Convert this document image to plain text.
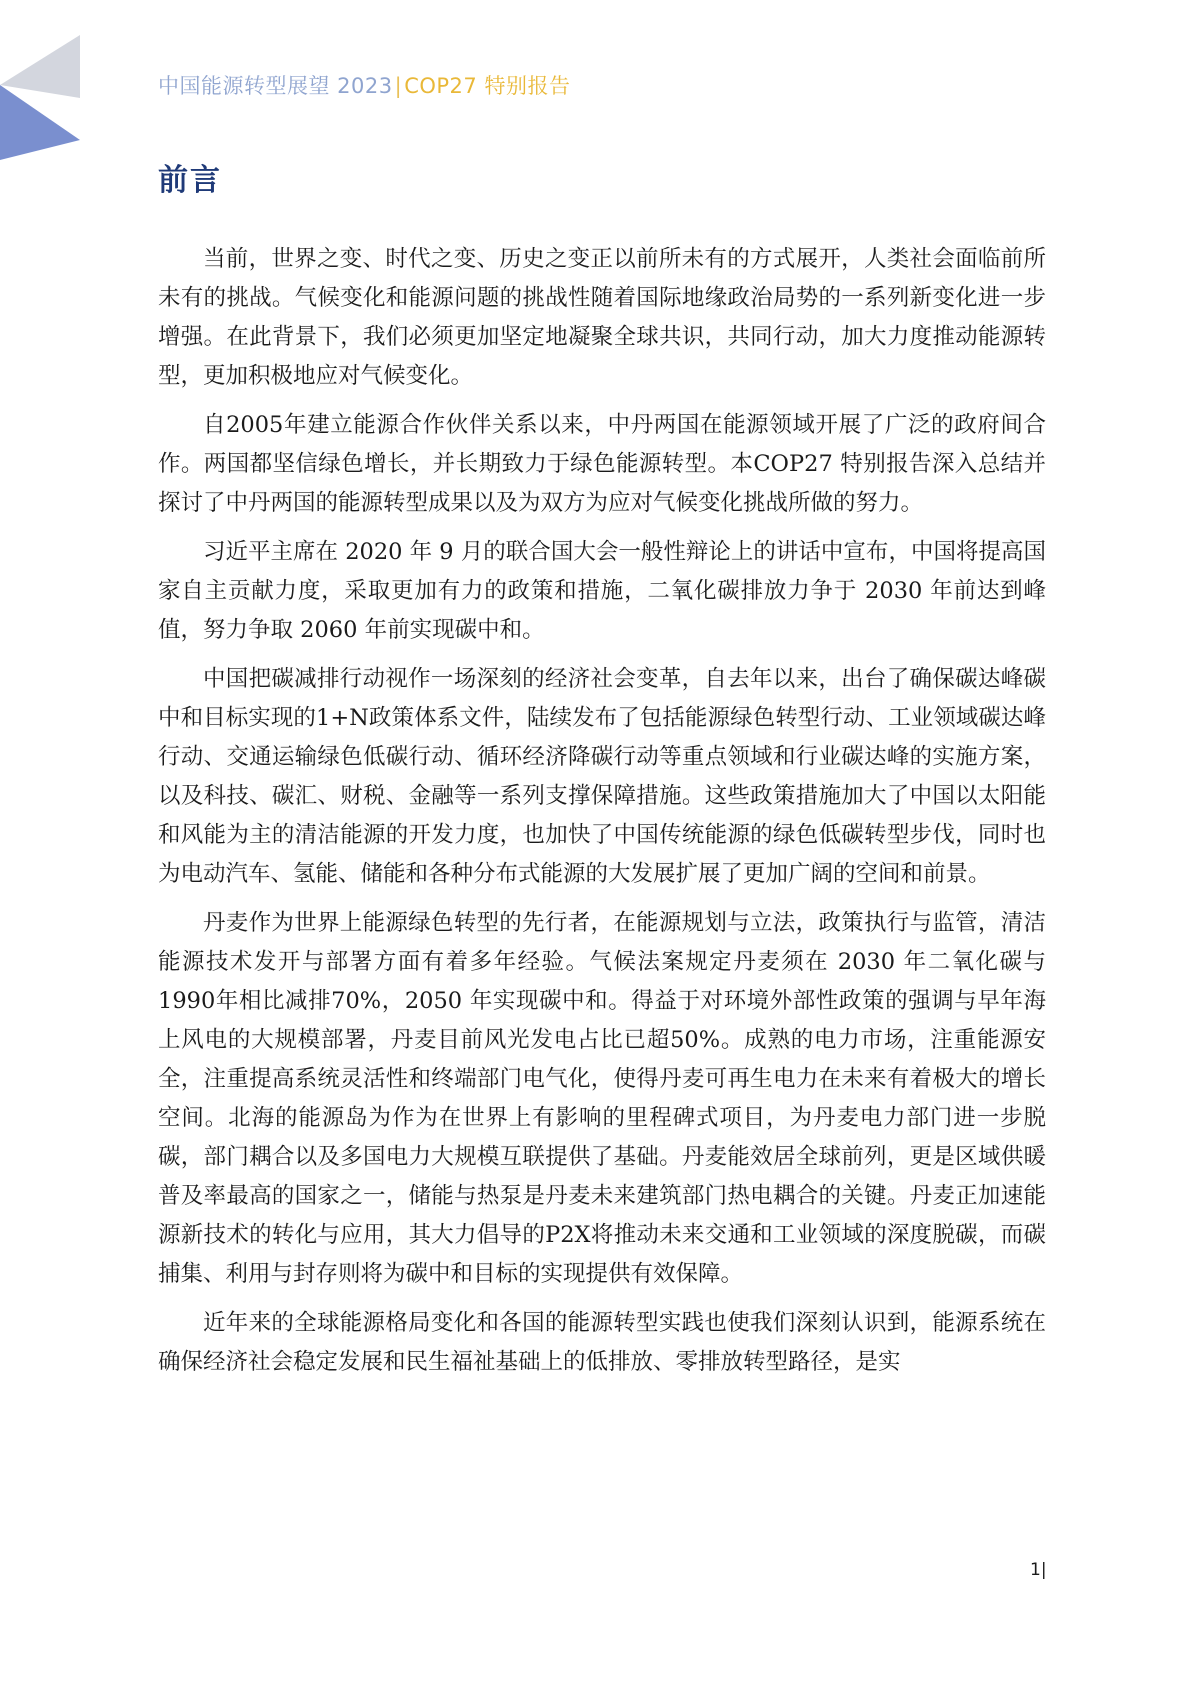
中国能源转型展望 2023|COP27 特别报告
前言

当前，世界之变、时代之变、历史之变正以前所未有的方式展开，人类社会面临前所未有的挑战。气候变化和能源问题的挑战性随着国际地缘政治局势的一系列新变化进一步增强。在此背景下，我们必须更加坚定地凝聚全球共识，共同行动，加大力度推动能源转型，更加积极地应对气候变化。

自2005年建立能源合作伙伴关系以来，中丹两国在能源领域开展了广泛的政府间合作。两国都坚信绿色增长，并长期致力于绿色能源转型。本COP27 特别报告深入总结并探讨了中丹两国的能源转型成果以及为双方为应对气候变化挑战所做的努力。

习近平主席在 2020 年 9 月的联合国大会一般性辩论上的讲话中宣布，中国将提高国家自主贡献力度，采取更加有力的政策和措施，二氧化碳排放力争于 2030 年前达到峰值，努力争取 2060 年前实现碳中和。

中国把碳减排行动视作一场深刻的经济社会变革，自去年以来，出台了确保碳达峰碳中和目标实现的1+N政策体系文件，陆续发布了包括能源绿色转型行动、工业领域碳达峰行动、交通运输绿色低碳行动、循环经济降碳行动等重点领域和行业碳达峰的实施方案，以及科技、碳汇、财税、金融等一系列支撑保障措施。这些政策措施加大了中国以太阳能和风能为主的清洁能源的开发力度，也加快了中国传统能源的绿色低碳转型步伐，同时也为电动汽车、氢能、储能和各种分布式能源的大发展扩展了更加广阔的空间和前景。

丹麦作为世界上能源绿色转型的先行者，在能源规划与立法，政策执行与监管，清洁能源技术发开与部署方面有着多年经验。气候法案规定丹麦须在 2030 年二氧化碳与1990年相比减排70%，2050 年实现碳中和。得益于对环境外部性政策的强调与早年海上风电的大规模部署，丹麦目前风光发电占比已超50%。成熟的电力市场，注重能源安全，注重提高系统灵活性和终端部门电气化，使得丹麦可再生电力在未来有着极大的增长空间。北海的能源岛为作为在世界上有影响的里程碑式项目，为丹麦电力部门进一步脱碳，部门耦合以及多国电力大规模互联提供了基础。丹麦能效居全球前列，更是区域供暖普及率最高的国家之一，储能与热泵是丹麦未来建筑部门热电耦合的关键。丹麦正加速能源新技术的转化与应用，其大力倡导的P2X将推动未来交通和工业领域的深度脱碳，而碳捕集、利用与封存则将为碳中和目标的实现提供有效保障。

近年来的全球能源格局变化和各国的能源转型实践也使我们深刻认识到，能源系统在确保经济社会稳定发展和民生福祉基础上的低排放、零排放转型路径，是实

1|
